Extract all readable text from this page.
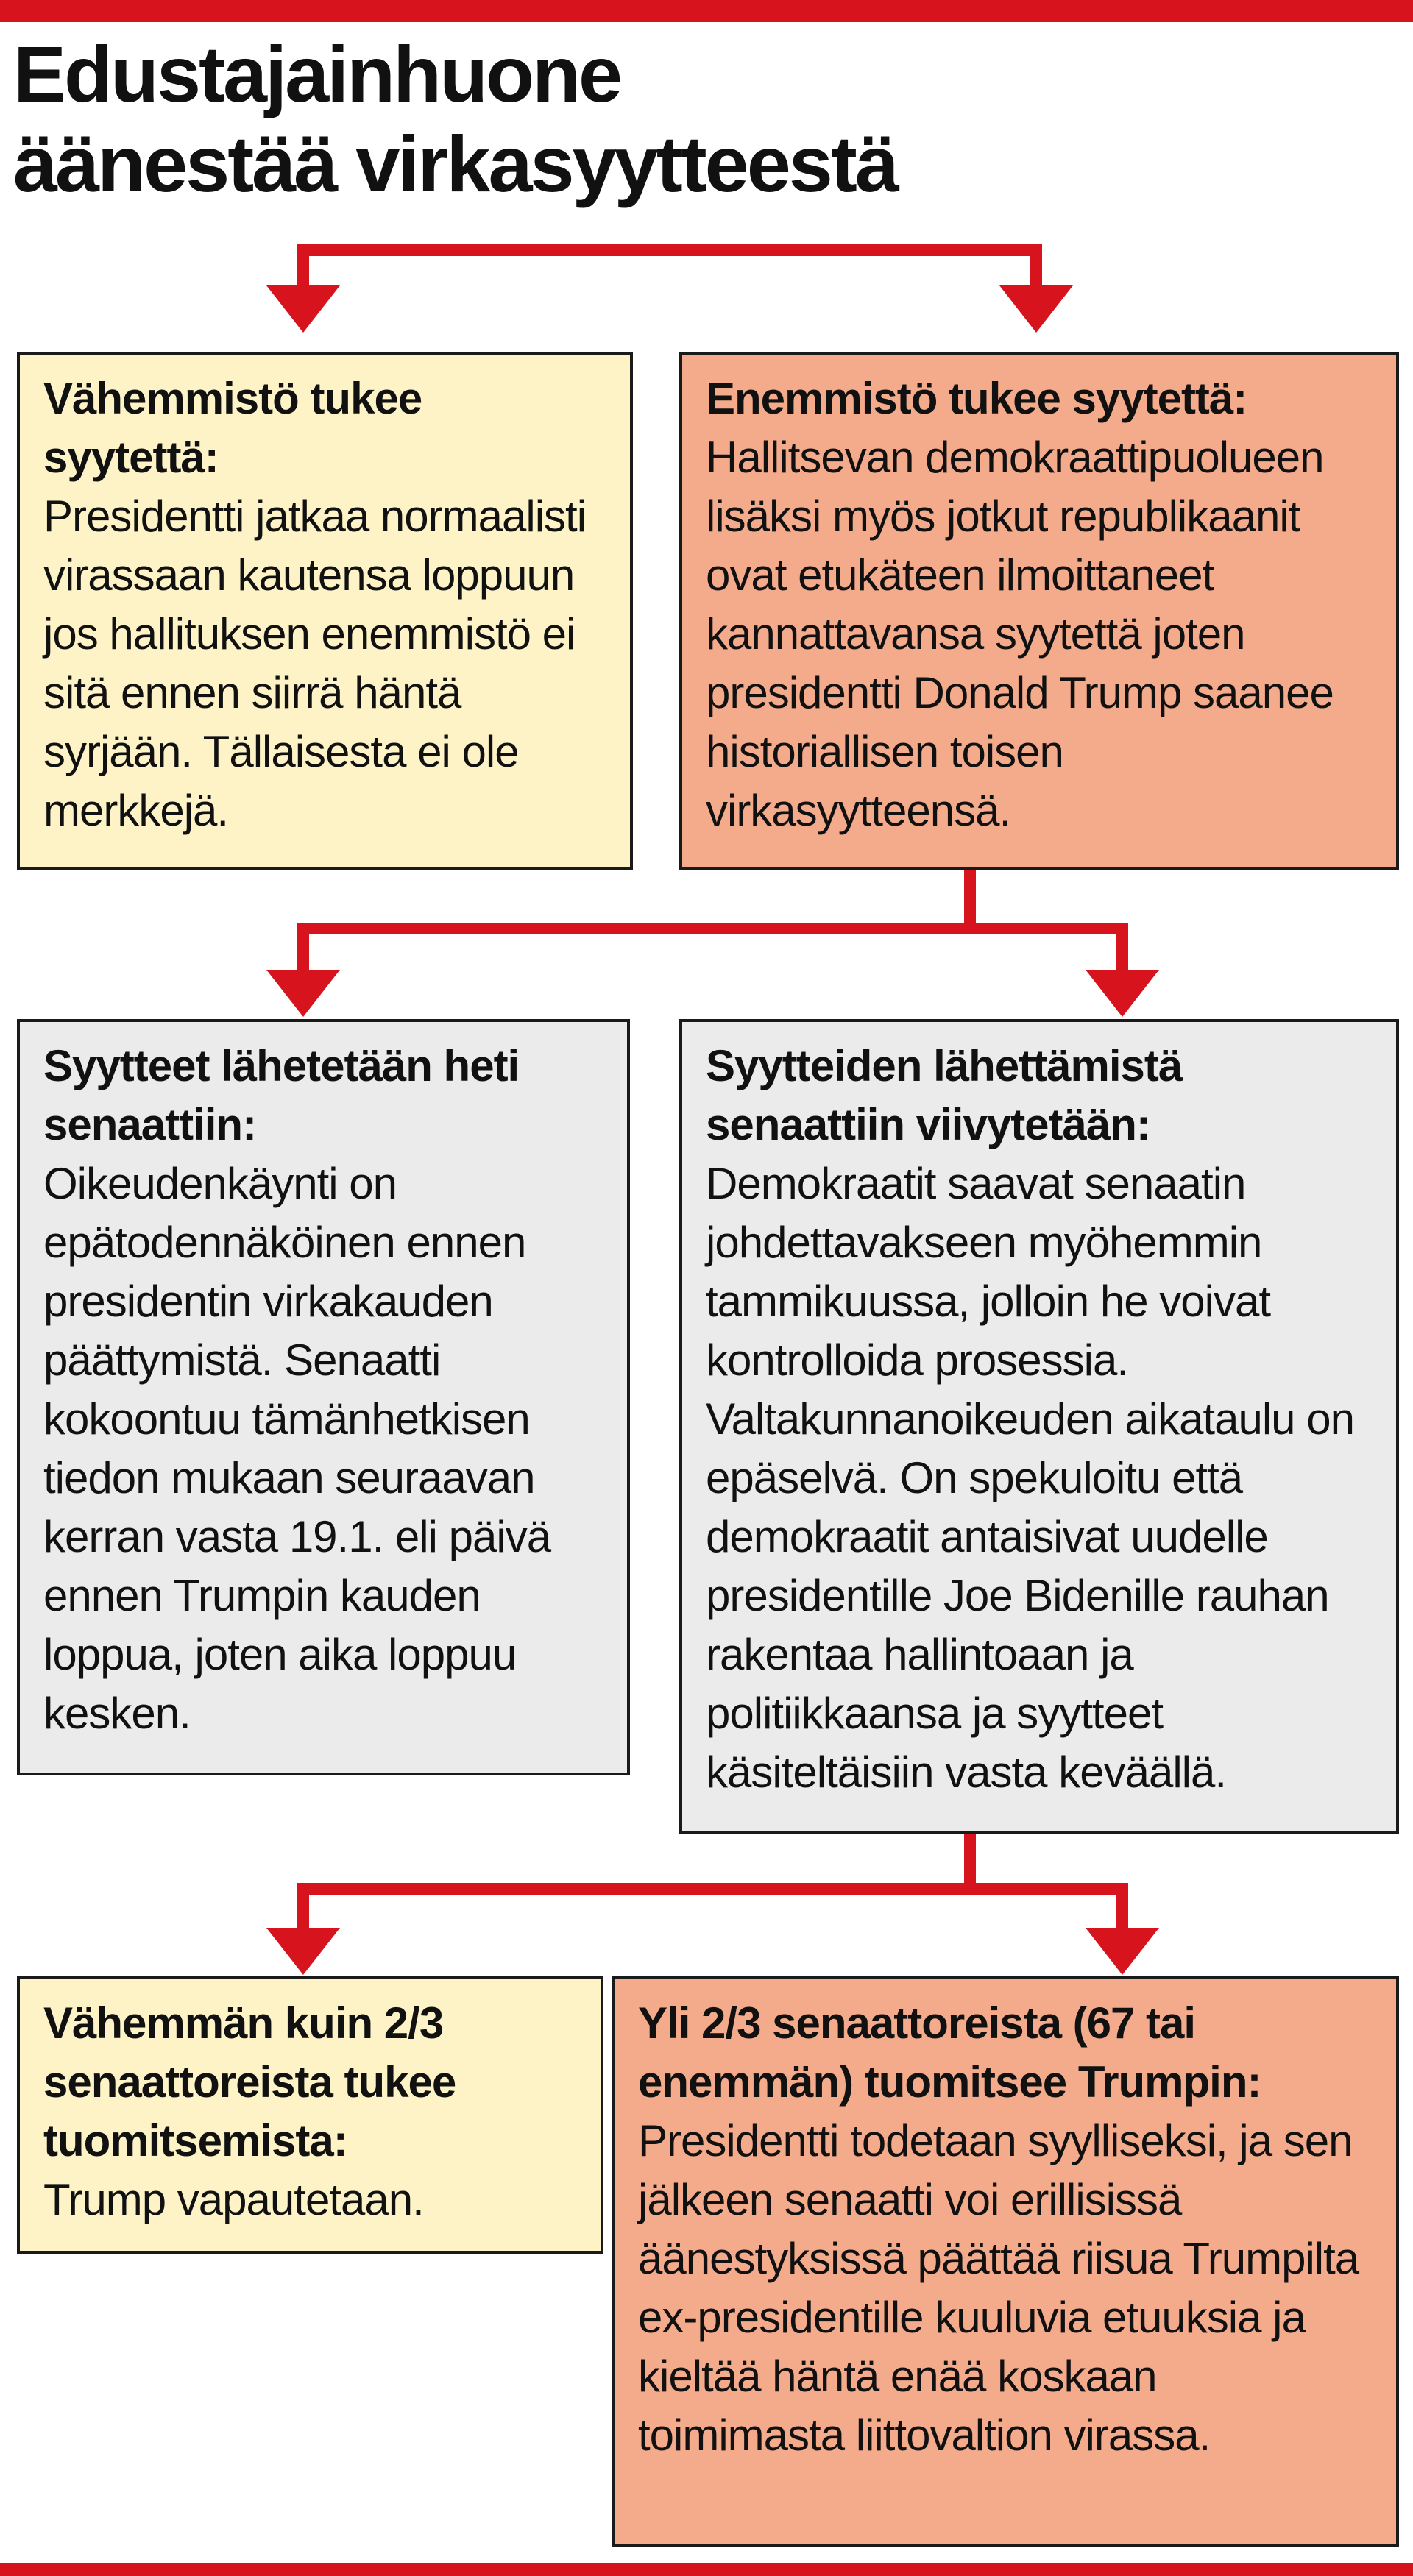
Edustajainhuone
äänestää virkasyytteestä
Vähemmistö tukee syytettä:
Presidentti jatkaa normaalisti virassaan kautensa loppuun jos hallituksen enemmistö ei sitä ennen siirrä häntä syrjään. Tällaisesta ei ole merkkejä.
Enemmistö tukee syytettä:
Hallitsevan demokraattipuolueen lisäksi myös jotkut republikaanit ovat etukäteen ilmoittaneet kannattavansa syytettä joten presidentti Donald Trump saanee historiallisen toisen virkasyytteensä.
Syytteet lähetetään heti senaattiin:
Oikeudenkäynti on epätodennäköinen ennen presidentin virkakauden päättymistä. Senaatti kokoontuu tämänhetkisen tiedon mukaan seuraavan kerran vasta 19.1. eli päivä ennen Trumpin kauden loppua, joten aika loppuu kesken.
Syytteiden lähettämistä senaattiin viivytetään:
Demokraatit saavat senaatin johdettavakseen myöhemmin tammikuussa, jolloin he voivat kontrolloida prosessia. Valtakunnanoikeuden aikataulu on epäselvä. On spekuloitu että demokraatit antaisivat uudelle presidentille Joe Bidenille rauhan rakentaa hallintoaan ja politiikkaansa ja syytteet käsiteltäisiin vasta keväällä.
Vähemmän kuin 2/3 senaattoreista tukee tuomitsemista:
Trump vapautetaan.
Yli 2/3 senaattoreista (67 tai enemmän) tuomitsee Trumpin:
Presidentti todetaan syylliseksi, ja sen jälkeen senaatti voi erillisissä äänestyksissä päättää riisua Trumpilta ex-presidentille kuuluvia etuuksia ja kieltää häntä enää koskaan toimimasta liittovaltion virassa.
